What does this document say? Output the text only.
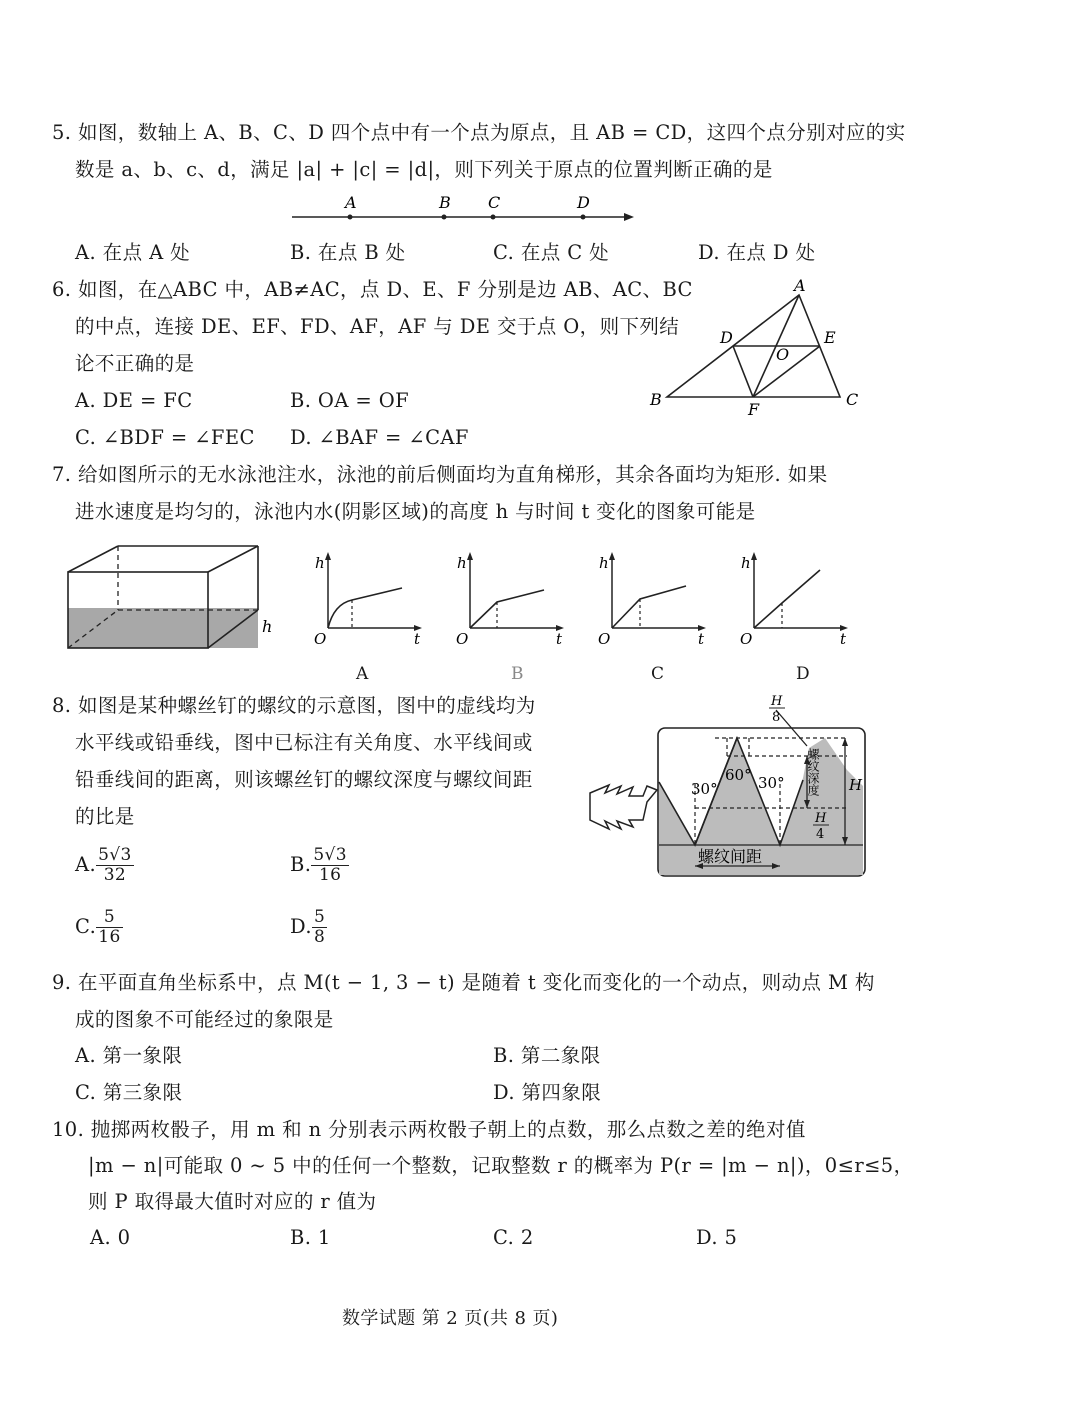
5. 如图，数轴上 A、B、C、D 四个点中有一个点为原点，且 AB = CD，这四个点分别对应的实
数是 a、b、c、d，满足 |a| + |c| = |d|，则下列关于原点的位置判断正确的是
A	B C	D
A. 在点 A 处	B. 在点 B 处	C. 在点 C 处	D. 在点 D 处
6. 如图，在△ABC 中，AB≠AC，点 D、E、F 分别是边 AB、AC、BC
的中点，连接 DE、EF、FD、AF，AF 与 DE 交于点 O，则下列结
论不正确的是
A. DE = FC	B. OA = OF
C. ∠BDF = ∠FEC D. ∠BAF = ∠CAF
A
B	C
D	E
F
O
7. 给如图所示的无水泳池注水，泳池的前后侧面均为直角梯形，其余各面均为矩形. 如果
进水速度是均匀的，泳池内水(阴影区域)的高度 h 与时间 t 变化的图象可能是
h
h
t
O
A
h
t
O
B
h
t
O
C
h
t
O
D
8. 如图是某种螺丝钉的螺纹的示意图，图中的虚线均为
水平线或铅垂线，图中已标注有关角度、水平线间或
铅垂线间的距离，则该螺丝钉的螺纹深度与螺纹间距
的比是
A. $\frac{5√3}{32}$	B. $\frac{5√3}{16}$
C. $\frac{5}{16}$	D. $\frac{5}{8}$
H
8
60°
30°	30° 螺纹深度
H
4
H
螺纹间距
9. 在平面直角坐标系中，点 M(t − 1, 3 − t) 是随着 t 变化而变化的一个动点，则动点 M 构
成的图象不可能经过的象限是
A. 第一象限	B. 第二象限
C. 第三象限	D. 第四象限
10. 抛掷两枚骰子，用 m 和 n 分别表示两枚骰子朝上的点数，那么点数之差的绝对值
|m − n|可能取 0 ~ 5 中的任何一个整数，记取整数 r 的概率为 P(r = |m − n|)，0≤r≤5，
则 P 取得最大值时对应的 r 值为
A. 0	B. 1	C. 2	D. 5
数学试题 第 2 页(共 8 页)
